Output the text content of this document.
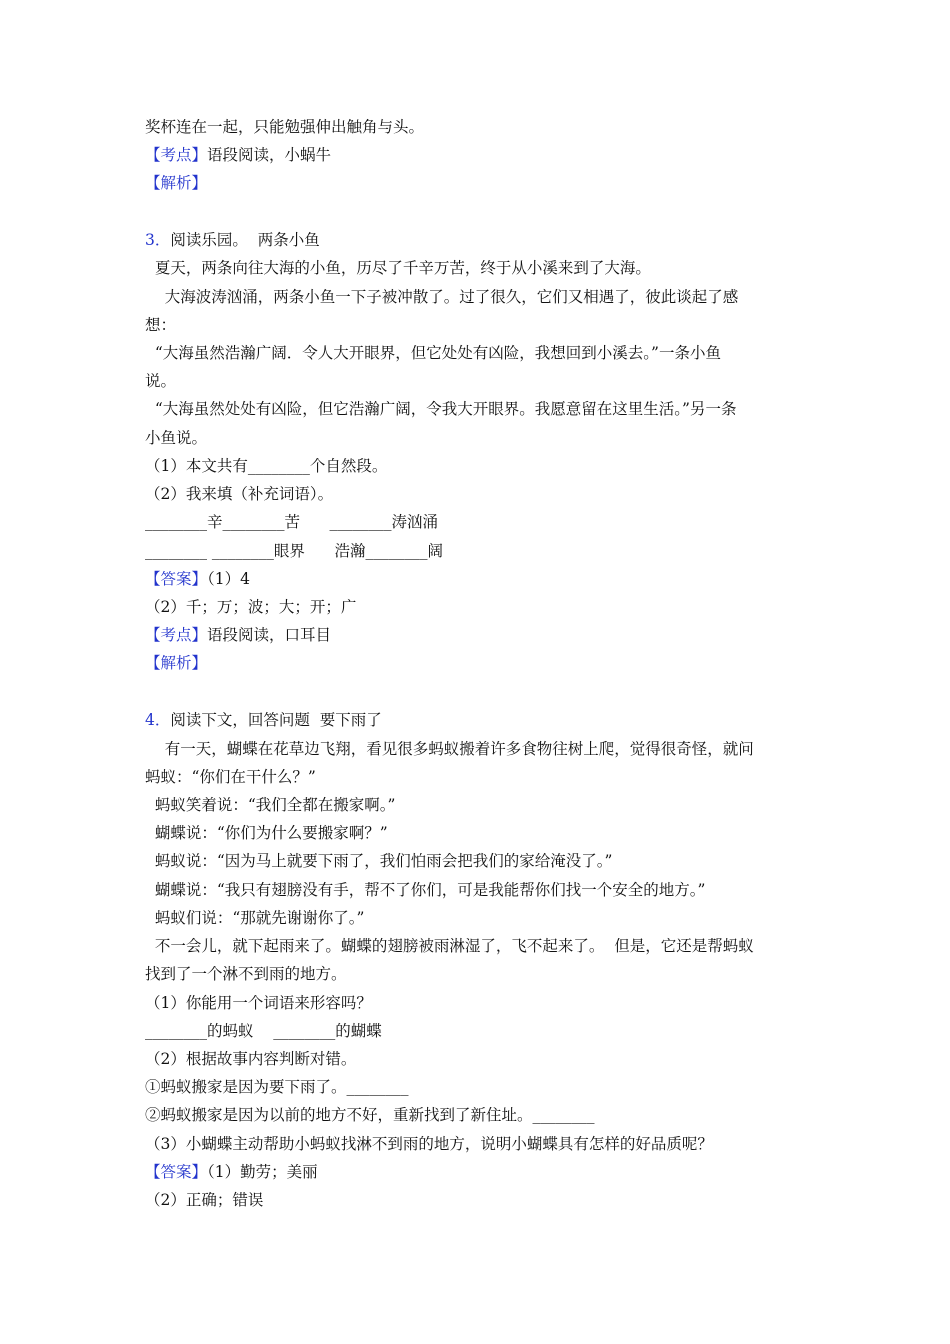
奖杯连在一起，只能勉强伸出触角与头。
【考点】语段阅读，小蜗牛
【解析】
3．阅读乐园。  两条小鱼
夏天，两条向往大海的小鱼，历尽了千辛万苦，终于从小溪来到了大海。
大海波涛汹涌，两条小鱼一下子被冲散了。过了很久，它们又相遇了，彼此谈起了感
想：
“大海虽然浩瀚广阔．令人大开眼界，但它处处有凶险，我想回到小溪去。”一条小鱼
说。
“大海虽然处处有凶险，但它浩瀚广阔，令我大开眼界。我愿意留在这里生活。”另一条
小鱼说。
（1）本文共有________个自然段。
（2）我来填（补充词语）。
________辛________苦      ________涛汹涌
________ ________眼界      浩瀚________阔
【答案】（1）4
（2）千；万；波；大；开；广
【考点】语段阅读，口耳目
【解析】
4．阅读下文，回答问题  要下雨了
有一天，蝴蝶在花草边飞翔，看见很多蚂蚁搬着许多食物往树上爬，觉得很奇怪，就问
蚂蚁：“你们在干什么？”
蚂蚁笑着说：“我们全都在搬家啊。”
蝴蝶说：“你们为什么要搬家啊？”
蚂蚁说：“因为马上就要下雨了，我们怕雨会把我们的家给淹没了。”
蝴蝶说：“我只有翅膀没有手，帮不了你们，可是我能帮你们找一个安全的地方。”
蚂蚁们说：“那就先谢谢你了。”
不一会儿，就下起雨来了。蝴蝶的翅膀被雨淋湿了，飞不起来了。  但是，它还是帮蚂蚁
找到了一个淋不到雨的地方。
（1）你能用一个词语来形容吗？
________的蚂蚁    ________的蝴蝶
（2）根据故事内容判断对错。
①蚂蚁搬家是因为要下雨了。________
②蚂蚁搬家是因为以前的地方不好，重新找到了新住址。________
（3）小蝴蝶主动帮助小蚂蚁找淋不到雨的地方，说明小蝴蝶具有怎样的好品质呢？
【答案】（1）勤劳；美丽
（2）正确；错误
